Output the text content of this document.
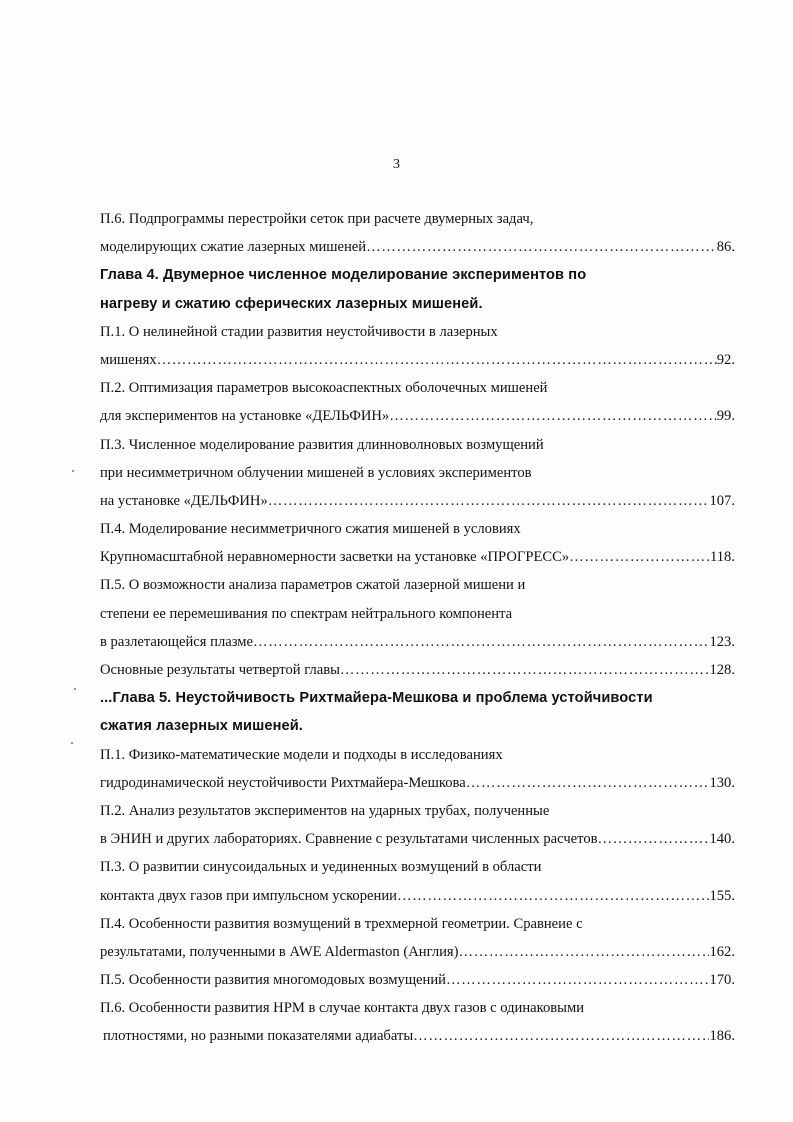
3
П.6. Подпрограммы перестройки сеток при расчете двумерных задач,
моделирующих сжатие лазерных мишеней ……………………………………………………………………………………………………………………………………………………………………………	86.
Глава 4. Двумерное численное моделирование экспериментов по
нагреву и сжатию сферических лазерных мишеней.
П.1. О нелинейной стадии развития неустойчивости в лазерных
мишенях ……………………………………………………………………………………………………………………………………………………………………………	92.
П.2. Оптимизация параметров высокоаспектных оболочечных мишеней
для экспериментов на установке «ДЕЛЬФИН» ……………………………………………………………………………………………………………………………………………………………………………	99.
П.3. Численное моделирование развития длинноволновых возмущений
при несимметричном облучении мишеней в условиях экспериментов
на установке «ДЕЛЬФИН» ……………………………………………………………………………………………………………………………………………………………………………	107.
П.4. Моделирование несимметричного сжатия мишеней в условиях
Крупномасштабной неравномерности засветки на установке «ПРОГРЕСС» ……………………………………………………………………………………………………………………………………………………………………………	118.
П.5. О возможности анализа параметров сжатой лазерной мишени и
степени ее перемешивания по спектрам нейтрального компонента
в разлетающейся плазме ……………………………………………………………………………………………………………………………………………………………………………	123.
Основные результаты четвертой главы ……………………………………………………………………………………………………………………………………………………………………………	128.
...Глава 5. Неустойчивость Рихтмайера-Мешкова и проблема устойчивости
сжатия лазерных мишеней.
П.1. Физико-математические модели и подходы в исследованиях
гидродинамической неустойчивости Рихтмайера-Мешкова ……………………………………………………………………………………………………………………………………………………………………………	130.
П.2. Анализ результатов экспериментов на ударных трубах, полученные
в ЭНИН и других лабораториях. Сравнение с результатами численных расчетов ……………………………………………………………………………………………………………………………………………………………………………	140.
П.3. О развитии синусоидальных и уединенных возмущений в области
контакта двух газов при импульсном ускорении ……………………………………………………………………………………………………………………………………………………………………………	155.
П.4. Особенности развития возмущений в трехмерной геометрии. Сравнеие с
результатами, полученными в AWE Aldermaston (Англия) ……………………………………………………………………………………………………………………………………………………………………………	162.
П.5. Особенности развития многомодовых возмущений ……………………………………………………………………………………………………………………………………………………………………………	170.
П.6. Особенности развития НРМ в случае контакта двух газов с одинаковыми
плотностями, но разными показателями адиабаты ……………………………………………………………………………………………………………………………………………………………………………	186.
